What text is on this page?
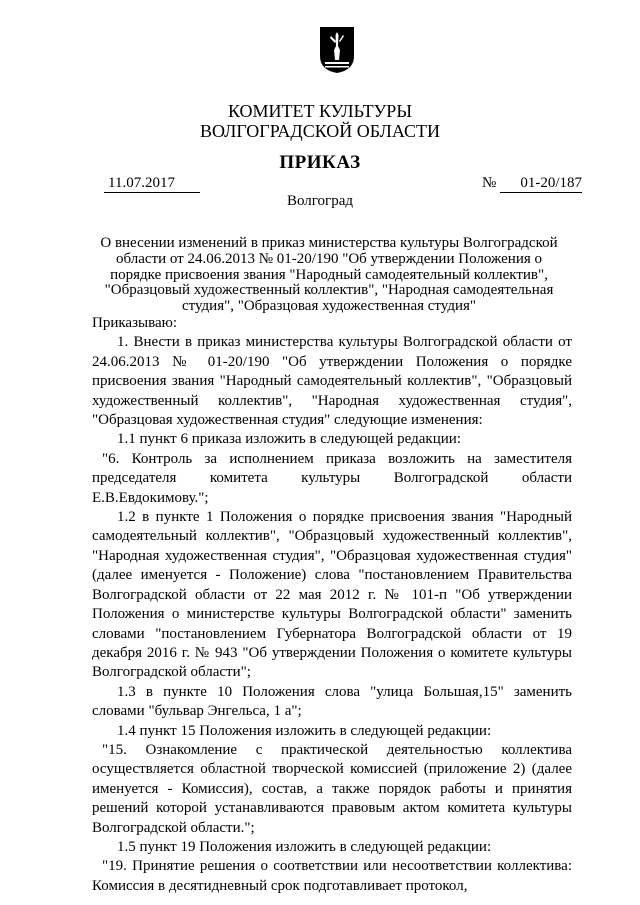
КОМИТЕТ КУЛЬТУРЫ
ВОЛГОГРАДСКОЙ ОБЛАСТИ
ПРИКАЗ
11.07.2017	№	01-20/187
Волгоград
О внесении изменений в приказ министерства культуры Волгоградской области от 24.06.2013 № 01-20/190 "Об утверждении Положения о порядке присвоения звания "Народный самодеятельный коллектив", "Образцовый художественный коллектив", "Народная самодеятельная студия", "Образцовая художественная студия"

Приказываю:

1. Внести в приказ министерства культуры Волгоградской области от 24.06.2013 № 01-20/190 "Об утверждении Положения о порядке присвоения звания "Народный самодеятельный коллектив", "Образцовый художественный коллектив", "Народная художественная студия", "Образцовая художественная студия" следующие изменения:

1.1 пункт 6 приказа изложить в следующей редакции:

"6. Контроль за исполнением приказа возложить на заместителя председателя комитета культуры Волгоградской области Е.В.Евдокимову.";

1.2 в пункте 1 Положения о порядке присвоения звания "Народный самодеятельный коллектив", "Образцовый художественный коллектив", "Народная художественная студия", "Образцовая художественная студия" (далее именуется - Положение) слова "постановлением Правительства Волгоградской области от 22 мая 2012 г. № 101-п "Об утверждении Положения о министерстве культуры Волгоградской области" заменить словами "постановлением Губернатора Волгоградской области от 19 декабря 2016 г. № 943 "Об утверждении Положения о комитете культуры Волгоградской области";

1.3 в пункте 10 Положения слова "улица Большая,15" заменить словами "бульвар Энгельса, 1 а";

1.4 пункт 15 Положения изложить в следующей редакции:

"15. Ознакомление с практической деятельностью коллектива осуществляется областной творческой комиссией (приложение 2) (далее именуется - Комиссия), состав, а также порядок работы и принятия решений которой устанавливаются правовым актом комитета культуры Волгоградской области.";

1.5 пункт 19 Положения изложить в следующей редакции:

"19. Принятие решения о соответствии или несоответствии коллектива: Комиссия в десятидневный срок подготавливает протокол,
